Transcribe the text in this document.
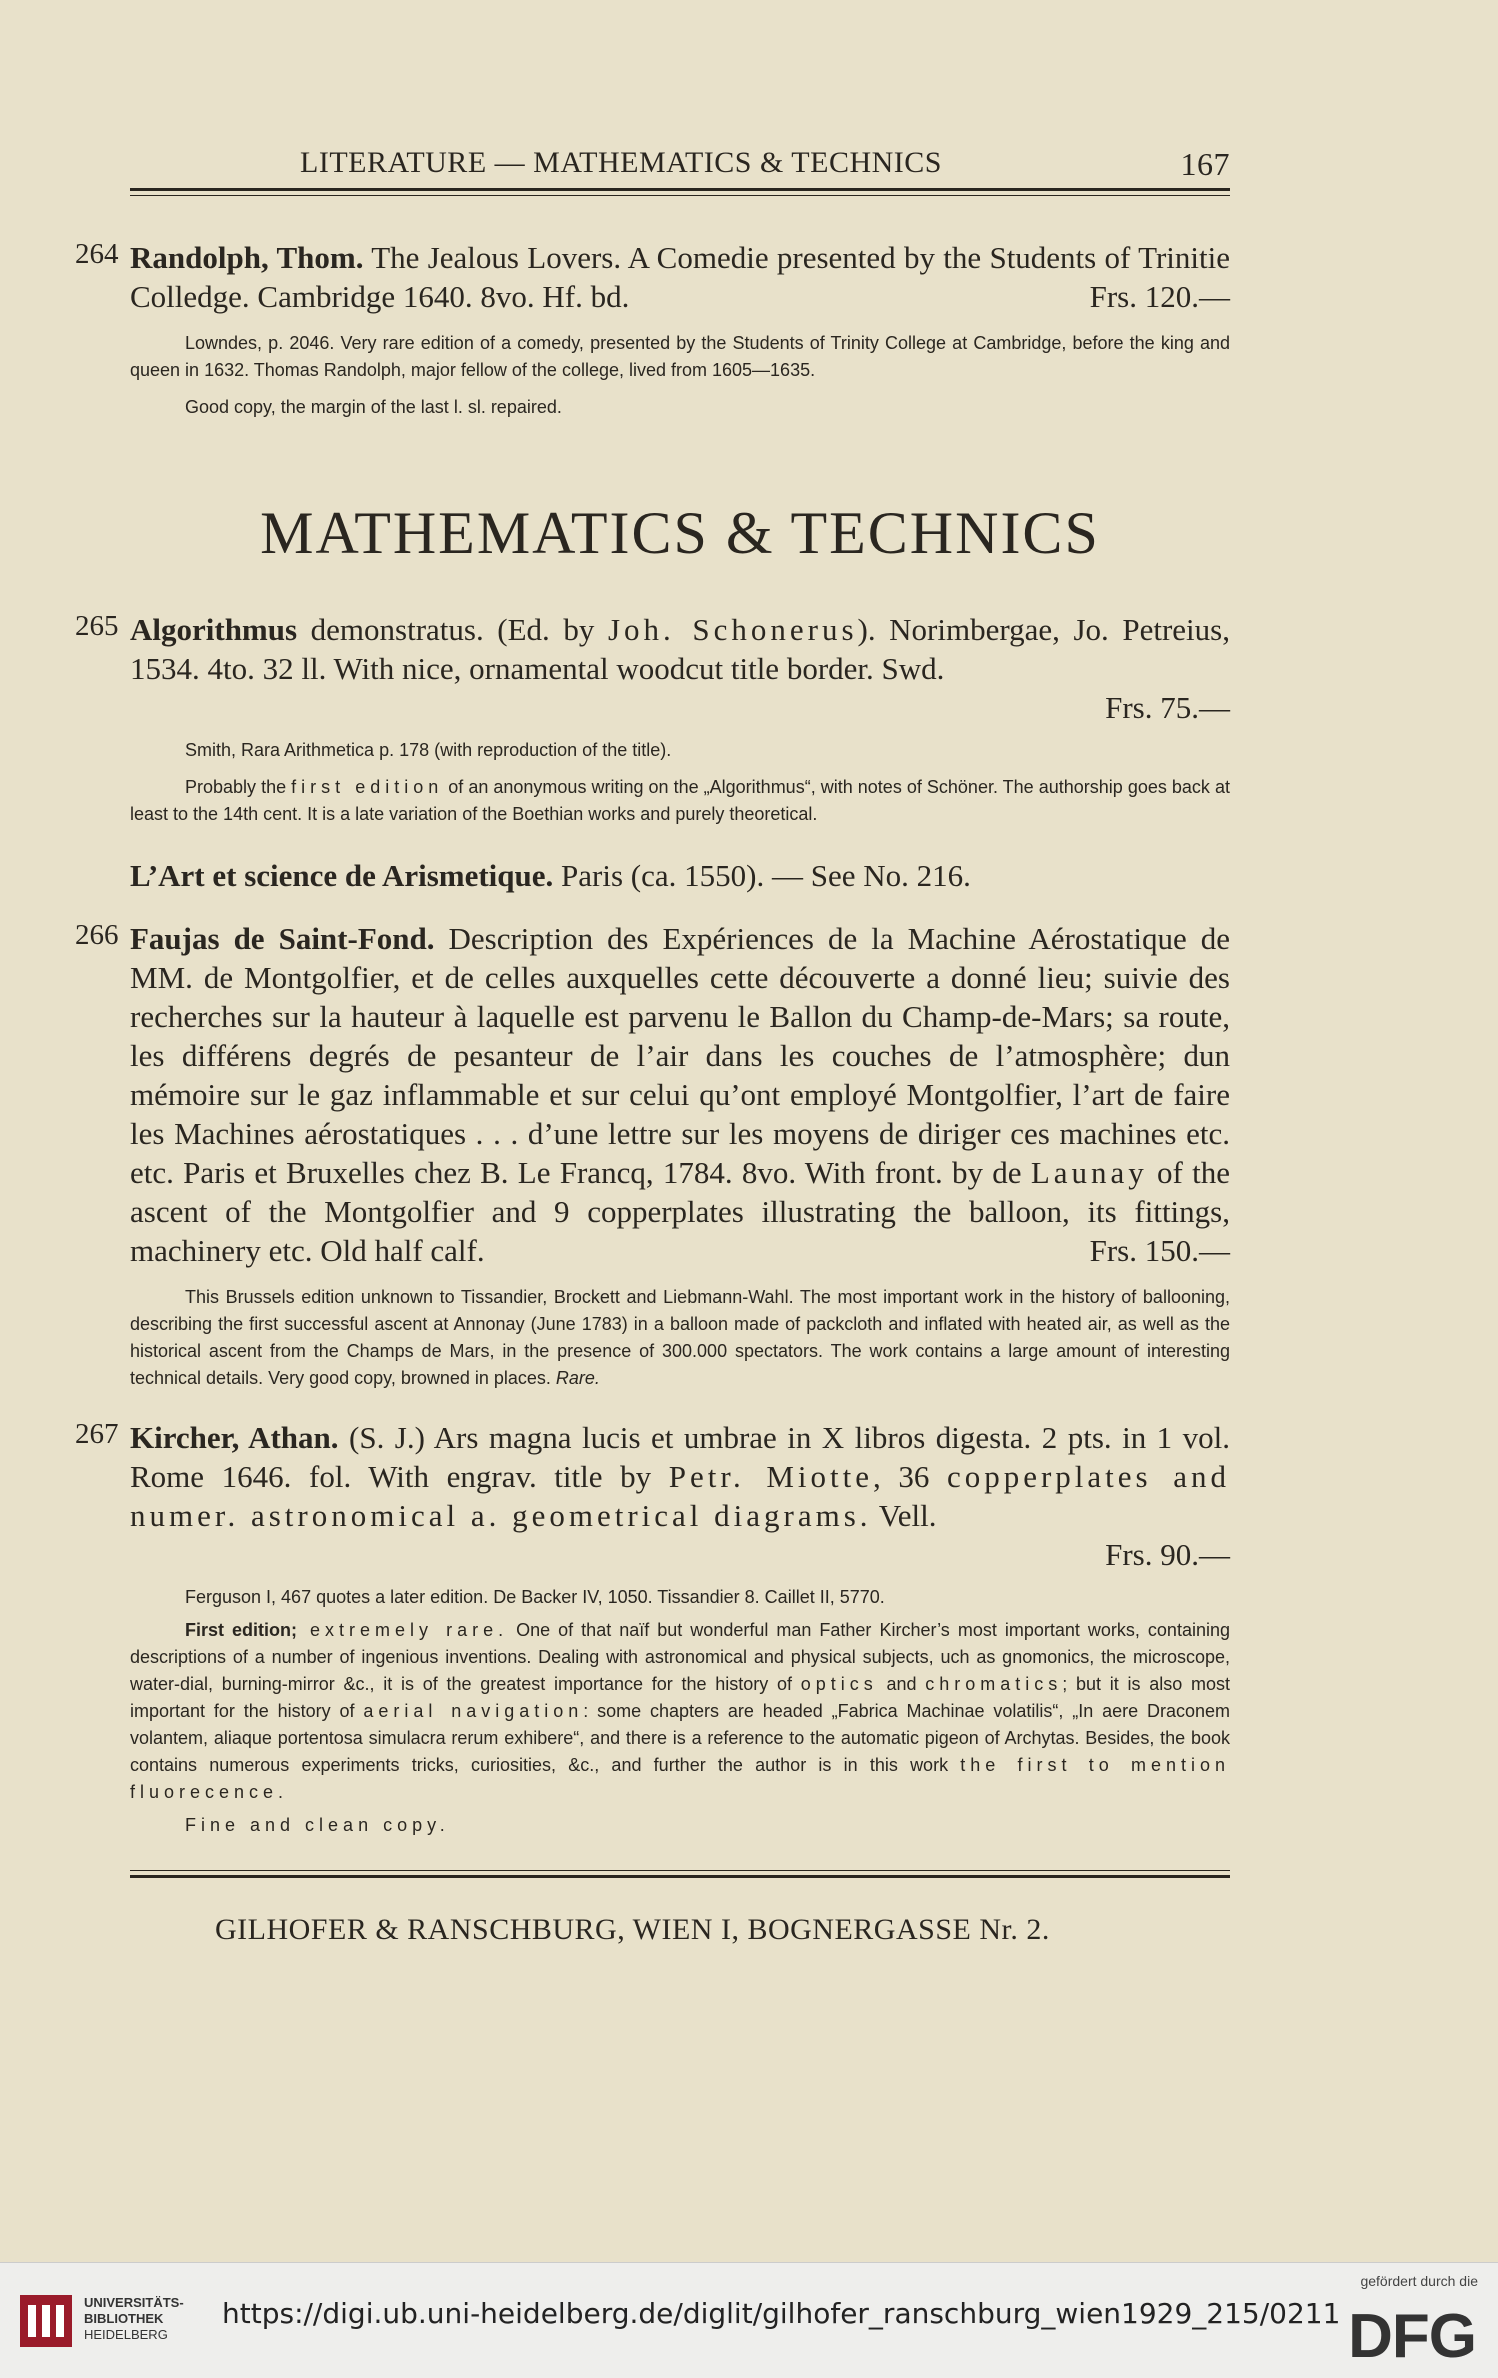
LITERATURE — MATHEMATICS & TECHNICS	167
264 Randolph, Thom. The Jealous Lovers. A Comedie presented by the Students of Trinitie Colledge. Cambridge 1640. 8vo. Hf. bd.	Frs. 120.—
Lowndes, p. 2046. Very rare edition of a comedy, presented by the Students of Trinity College at Cambridge, before the king and queen in 1632. Thomas Randolph, major fellow of the college, lived from 1605—1635.
Good copy, the margin of the last l. sl. repaired.
MATHEMATICS & TECHNICS
265 Algorithmus demonstratus. (Ed. by Joh. Schonerus). Norimbergae, Jo. Petreius, 1534. 4to. 32 ll. With nice, ornamental woodcut title border. Swd.
Frs. 75.—
Smith, Rara Arithmetica p. 178 (with reproduction of the title).
Probably the first edition of an anonymous writing on the „Algorithmus“, with notes of Schöner. The authorship goes back at least to the 14th cent. It is a late variation of the Boethian works and purely theoretical.
L’Art et science de Arismetique. Paris (ca. 1550). — See No. 216.
266 Faujas de Saint-Fond. Description des Expériences de la Machine Aérostatique de MM. de Montgolfier, et de celles auxquelles cette découverte a donné lieu; suivie des recherches sur la hauteur à laquelle est parvenu le Ballon du Champ-de-Mars; sa route, les différens degrés de pesanteur de l’air dans les couches de l’atmosphère; dun mémoire sur le gaz inflammable et sur celui qu’ont employé Montgolfier, l’art de faire les Machines aérostatiques . . . d’une lettre sur les moyens de diriger ces machines etc. etc. Paris et Bruxelles chez B. Le Francq, 1784. 8vo. With front. by de Launay of the ascent of the Montgolfier and 9 copperplates illustrating the balloon, its fittings, machinery etc. Old half calf.	Frs. 150.—
This Brussels edition unknown to Tissandier, Brockett and Liebmann-Wahl. The most important work in the history of ballooning, describing the first successful ascent at Annonay (June 1783) in a balloon made of packcloth and inflated with heated air, as well as the historical ascent from the Champs de Mars, in the presence of 300.000 spectators. The work contains a large amount of interesting technical details. Very good copy, browned in places. Rare.
267 Kircher, Athan. (S. J.) Ars magna lucis et umbrae in X libros digesta. 2 pts. in 1 vol. Rome 1646. fol. With engrav. title by Petr. Miotte, 36 copperplates and numer. astronomical a. geometrical diagrams. Vell.
Frs. 90.—
Ferguson I, 467 quotes a later edition. De Backer IV, 1050. Tissandier 8. Caillet II, 5770.
First edition; extremely rare. One of that naïf but wonderful man Father Kircher’s most important works, containing descriptions of a number of ingenious inventions. Dealing with astronomical and physical subjects, uch as gnomonics, the microscope, water-dial, burning-mirror &c., it is of the greatest importance for the history of optics and chromatics; but it is also most important for the history of aerial navigation: some chapters are headed „Fabrica Machinae volatilis“, „In aere Draconem volantem, aliaque portentosa simulacra rerum exhibere“, and there is a reference to the automatic pigeon of Archytas. Besides, the book contains numerous experiments tricks, curiosities, &c., and further the author is in this work the first to mention fluorecence.
Fine and clean copy.
GILHOFER & RANSCHBURG, WIEN I, BOGNERGASSE Nr. 2.
UNIVERSITÄTS-
BIBLIOTHEK
HEIDELBERG
https://digi.ub.uni-heidelberg.de/diglit/gilhofer_ranschburg_wien1929_215/0211
gefördert durch die
DFG
